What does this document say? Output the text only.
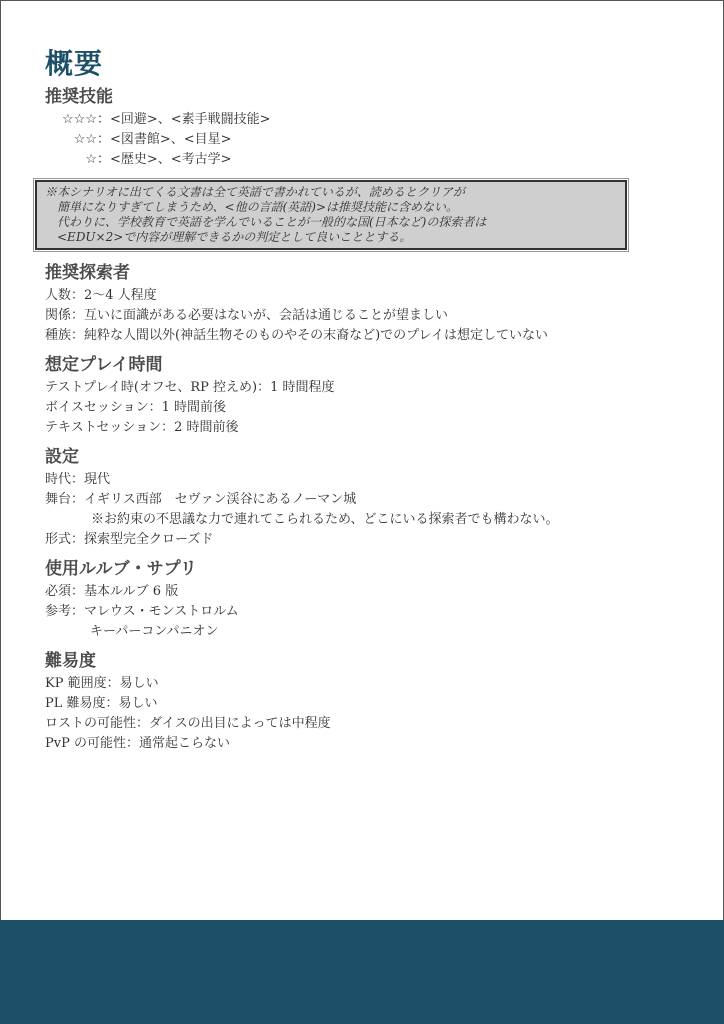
概要
推奨技能

☆☆☆：<回避>、<素手戦闘技能>

☆☆：<図書館>、<目星>

☆：<歴史>、<考古学>

※本シナリオに出てくる文書は全て英語で書かれているが、読めるとクリアが

簡単になりすぎてしまうため、<他の言語(英語)>は推奨技能に含めない。

代わりに、学校教育で英語を学んでいることが一般的な国(日本など)の探索者は

<EDU×2>で内容が理解できるかの判定として良いこととする。

推奨探索者

人数：2～4 人程度

関係：互いに面識がある必要はないが、会話は通じることが望ましい

種族：純粋な人間以外(神話生物そのものやその末裔など)でのプレイは想定していない

想定プレイ時間

テストプレイ時(オフセ、RP 控えめ)：1 時間程度

ボイスセッション：1 時間前後

テキストセッション：2 時間前後

設定

時代：現代

舞台：イギリス西部　セヴァン渓谷にあるノーマン城

※お約束の不思議な力で連れてこられるため、どこにいる探索者でも構わない。

形式：探索型完全クローズド

使用ルルブ・サプリ

必須：基本ルルブ 6 版

参考：マレウス・モンストロルム

キーパーコンパニオン

難易度

KP 範囲度：易しい

PL 難易度：易しい

ロストの可能性：ダイスの出目によっては中程度

PvP の可能性：通常起こらない
